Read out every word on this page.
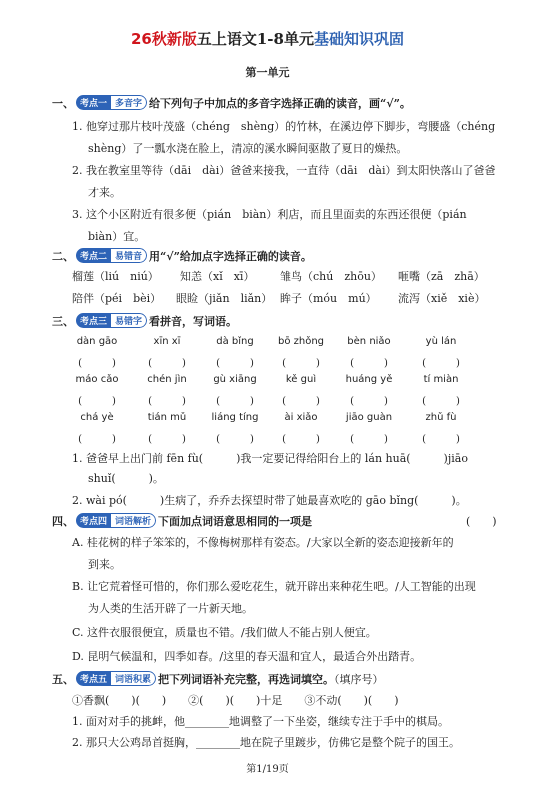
26秋新版五上语文1-8单元基础知识巩固
第一单元
一、 考点一 多音字 给下列句子中加点的多音字选择正确的读音，画“√”。
1. 他穿过那片枝叶茂盛（chéng　shèng）的竹林，在溪边停下脚步，弯腰盛（chéng
shèng）了一瓢水浇在脸上，清凉的溪水瞬间驱散了夏日的燥热。
2. 我在教室里等待（dāi　dài）爸爸来接我，一直待（dāi　dài）到太阳快落山了爸爸
才来。
3. 这个小区附近有很多便（pián　biàn）利店，而且里面卖的东西还很便（pián
biàn）宜。
二、 考点二 易错音 用“√”给加点字选择正确的读音。
榴莲（liú　niú） 知恙（xǐ　xī） 雏鸟（chú　zhōu） 咂嘴（zā　zhā）
陪伴（péi　bèi） 眼睑（jiǎn　liǎn） 眸子（móu　mú） 流泻（xiě　xiè）
三、 考点三 易错字 看拼音，写词语。
dàn gāo
(　　　)
xīn xī
(　　　)
dà bǐng
(　　　)
bō zhǒng
(　　　)
bèn niǎo
(　　　)
yù lán
(　　　)
máo cǎo
(　　　)
chén jìn
(　　　)
gù xiāng
(　　　)
kě guì
(　　　)
huáng yě
(　　　)
tí miàn
(　　　)
chá yè
(　　　)
tián mǔ
(　　　)
liáng tíng
(　　　)
ài xiǎo
(　　　)
jiāo guàn
(　　　)
zhǔ fù
(　　　)
1. 爸爸早上出门前 fēn fù(　　　)我一定要记得给阳台上的 lán huā(　　　)jiāo
shuǐ(　　　)。
2. wài pó(　　　)生病了，乔乔去探望时带了她最喜欢吃的 gāo bǐng(　　　)。
四、 考点四 词语解析 下面加点词语意思相同的一项是	(　　)
A. 桂花树的样子笨笨的，不像梅树那样有姿态。/大家以全新的姿态迎接新年的
到来。
B. 让它荒着怪可惜的，你们那么爱吃花生，就开辟出来种花生吧。/人工智能的出现
为人类的生活开辟了一片新天地。
C. 这件衣服很便宜，质量也不错。/我们做人不能占别人便宜。
D. 昆明气候温和，四季如春。/这里的春天温和宜人，最适合外出踏青。
五、 考点五 词语积累 把下列词语补充完整，再选词填空。（填序号）
①香飘(　　)(　　)　　②(　　)(　　)十足　　③不动(　　)(　　)
1. 面对对手的挑衅，他________地调整了一下坐姿，继续专注于手中的棋局。
2. 那只大公鸡昂首挺胸，________地在院子里踱步，仿佛它是整个院子的国王。
第1/19页
